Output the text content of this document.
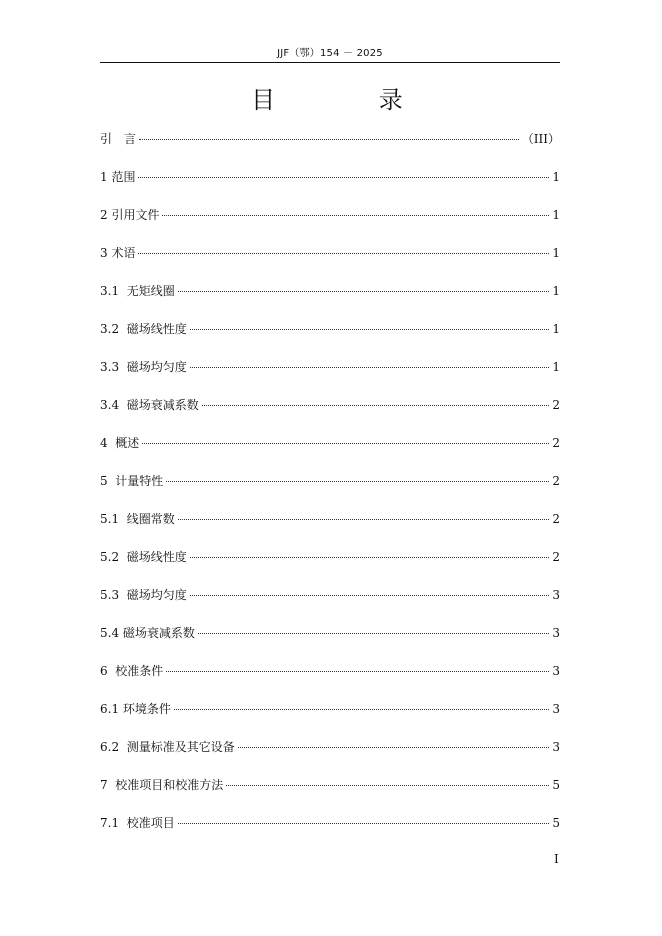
JJF（鄂）154 － 2025
目 录
引　言	（III）
1 范围	1
2 引用文件	1
3 术语	1
3.1  无矩线圈	1
3.2  磁场线性度	1
3.3  磁场均匀度	1
3.4  磁场衰减系数	2
4  概述	2
5  计量特性	2
5.1  线圈常数	2
5.2  磁场线性度	2
5.3  磁场均匀度	3
5.4 磁场衰减系数	3
6  校准条件	3
6.1 环境条件	3
6.2  测量标准及其它设备	3
7  校准项目和校准方法	5
7.1  校准项目	5
I
